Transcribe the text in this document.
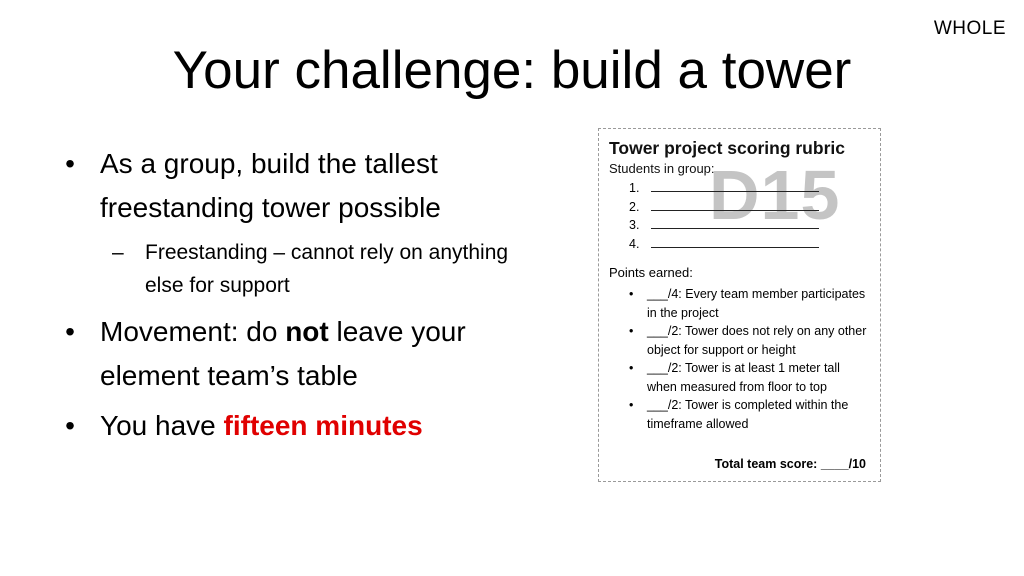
WHOLE
Your challenge: build a tower
• As a group, build the tallest freestanding tower possible
– Freestanding – cannot rely on anything else for support
• Movement: do not leave your element team’s table
• You have fifteen minutes
D15
Tower project scoring rubric
Students in group:
1.
2.
3.
4.
Points earned:
• ___/4: Every team member participates in the project
• ___/2: Tower does not rely on any other object for support or height
• ___/2: Tower is at least 1 meter tall when measured from floor to top
• ___/2: Tower is completed within the timeframe allowed
Total team score: ____/10
